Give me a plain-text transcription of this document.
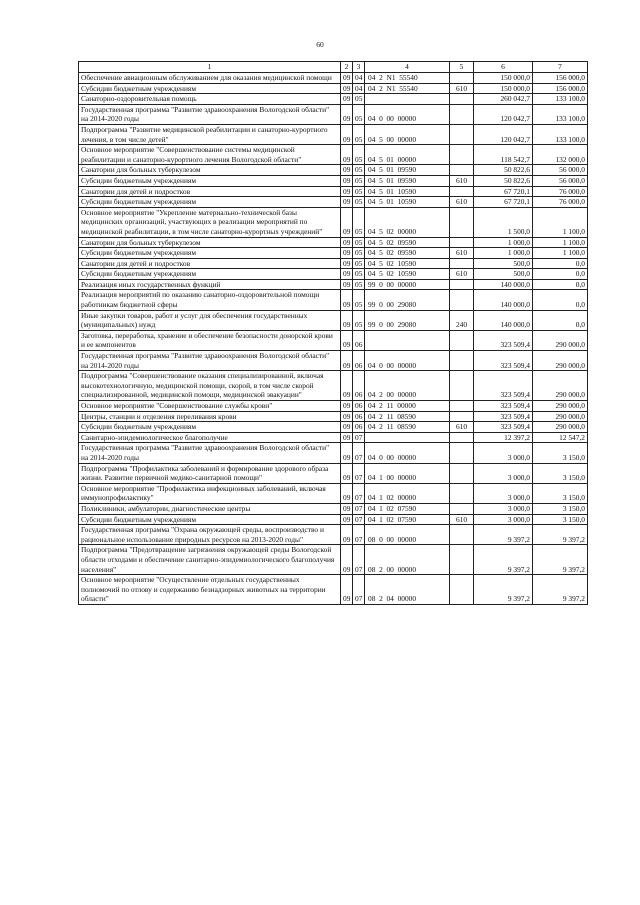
60
1	2	3	4	5	6	7
Обеспечение авиационным обслуживанием для оказания медицинской помощи	09	04	04  2  N1  55540		150 000,0	156 000,0
Субсидии бюджетным учреждениям	09	04	04  2  N1  55540	610	150 000,0	156 000,0
Санаторно-оздоровительная помощь	09	05			260 042,7	133 100,0
Государственная программа "Развитие здравоохранения Вологодской области" на 2014-2020 годы	09	05	04  0  00  00000		120 042,7	133 100,0
Подпрограмма "Развитие медицинской реабилитации и санаторно-курортного лечения, в том числе детей"	09	05	04  5  00  00000		120 042,7	133 100,0
Основное мероприятие "Совершенствование системы медицинской реабилитации и санаторно-курортного лечения Вологодской области"	09	05	04  5  01  00000		118 542,7	132 000,0
Санатории для больных туберкулезом	09	05	04  5  01  09590		50 822,6	56 000,0
Субсидии бюджетным учреждениям	09	05	04  5  01  09590	610	50 822,6	56 000,0
Санатории для детей и подростков	09	05	04  5  01  10590		67 720,1	76 000,0
Субсидии бюджетным учреждениям	09	05	04  5  01  10590	610	67 720,1	76 000,0
Основное мероприятие "Укрепление материально-технической базы медицинских организаций, участвующих в реализации мероприятий по медицинской реабилитации, в том числе санаторно-курортных учреждений"	09	05	04  5  02  00000		1 500,0	1 100,0
Санатории для больных туберкулезом	09	05	04  5  02  09590		1 000,0	1 100,0
Субсидии бюджетным учреждениям	09	05	04  5  02  09590	610	1 000,0	1 100,0
Санатории для детей и подростков	09	05	04  5  02  10590		500,0	0,0
Субсидии бюджетным учреждениям	09	05	04  5  02  10590	610	500,0	0,0
Реализация иных государственных функций	09	05	99  0  00  00000		140 000,0	0,0
Реализация мероприятий по оказанию санаторно-оздоровительной помощи работникам бюджетной сферы	09	05	99  0  00  29080		140 000,0	0,0
Иные закупки товаров, работ и услуг для обеспечения государственных (муниципальных) нужд	09	05	99  0  00  29080	240	140 000,0	0,0
Заготовка, переработка, хранение и обеспечение безопасности донорской крови и ее компонентов	09	06			323 509,4	290 000,0
Государственная программа "Развитие здравоохранения Вологодской области" на 2014-2020 годы	09	06	04  0  00  00000		323 509,4	290 000,0
Подпрограмма "Совершенствование оказания специализированной, включая высокотехнологичную, медицинской помощи, скорой, в том числе скорой специализированной, медицинской помощи, медицинской эвакуации"	09	06	04  2  00  00000		323 509,4	290 000,0
Основное мероприятие "Совершенствование службы крови"	09	06	04  2  11  00000		323 509,4	290 000,0
Центры, станции и отделения переливания крови	09	06	04  2  11  08590		323 509,4	290 000,0
Субсидии бюджетным учреждениям	09	06	04  2  11  08590	610	323 509,4	290 000,0
Санитарно-эпидемиологическое благополучие	09	07			12 397,2	12 547,2
Государственная программа "Развитие здравоохранения Вологодской области" на 2014-2020 годы	09	07	04  0  00  00000		3 000,0	3 150,0
Подпрограмма "Профилактика заболеваний и формирование здорового образа жизни. Развитие первичной медико-санитарной помощи"	09	07	04  1  00  00000		3 000,0	3 150,0
Основное мероприятие "Профилактика инфекционных заболеваний, включая иммунопрофилактику"	09	07	04  1  02  00000		3 000,0	3 150,0
Поликлиники, амбулатории, диагностические центры	09	07	04  1  02  07590		3 000,0	3 150,0
Субсидии бюджетным учреждениям	09	07	04  1  02  07590	610	3 000,0	3 150,0
Государственная программа "Охрана окружающей среды, воспроизводство и рациональное использование природных ресурсов на 2013-2020 годы"	09	07	08  0  00  00000		9 397,2	9 397,2
Подпрограмма "Предотвращение загрязнения окружающей среды Вологодской области отходами и обеспечение санитарно-эпидемиологического благополучия населения"	09	07	08  2  00  00000		9 397,2	9 397,2
Основное мероприятие "Осуществление отдельных государственных полномочий по отлову и содержанию безнадзорных животных на территории области"	09	07	08  2  04  00000		9 397,2	9 397,2
